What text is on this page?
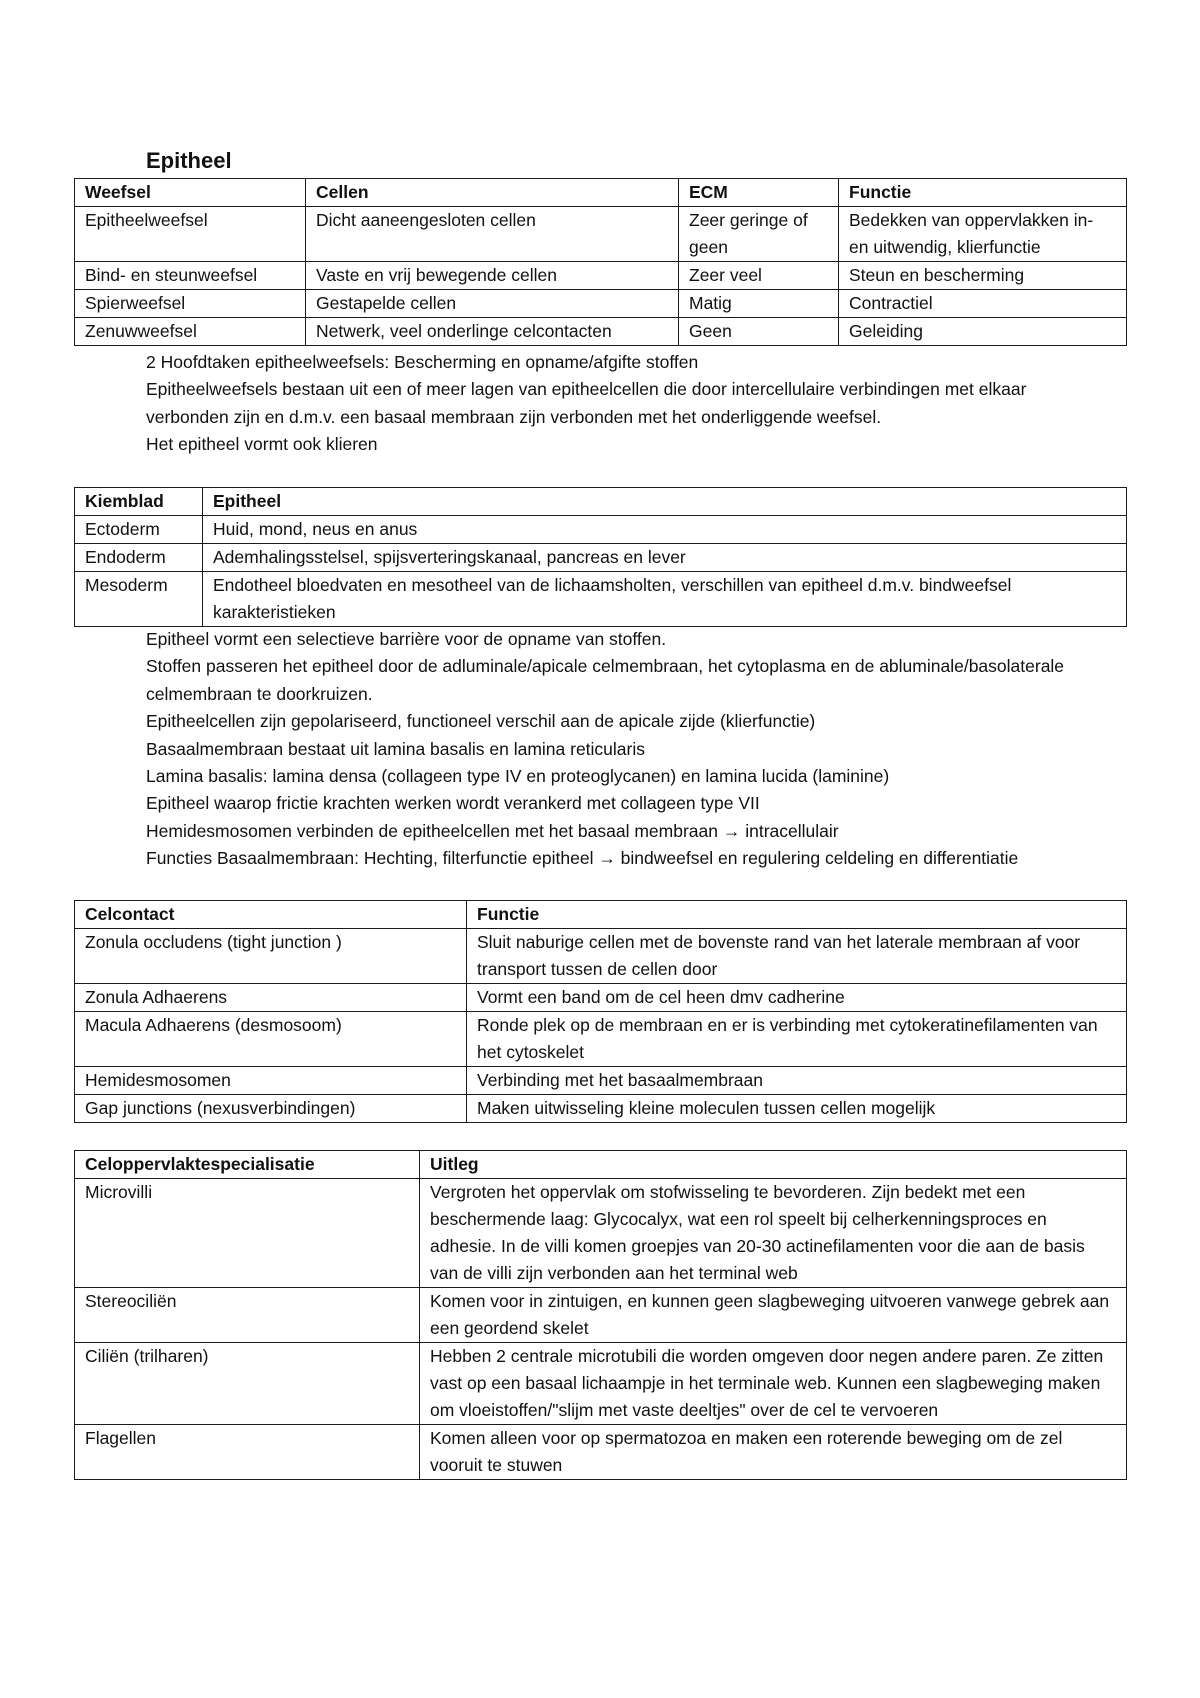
Epitheel
Weefsel	Cellen	ECM	Functie
Epitheelweefsel	Dicht aaneengesloten cellen	Zeer geringe of geen	Bedekken van oppervlakken in- en uitwendig, klierfunctie
Bind- en steunweefsel	Vaste en vrij bewegende cellen	Zeer veel	Steun en bescherming
Spierweefsel	Gestapelde cellen	Matig	Contractiel
Zenuwweefsel	Netwerk, veel onderlinge celcontacten	Geen	Geleiding
2 Hoofdtaken epitheelweefsels: Bescherming en opname/afgifte stoffen
Epitheelweefsels bestaan uit een of meer lagen van epitheelcellen die door intercellulaire verbindingen met elkaar verbonden zijn en d.m.v. een basaal membraan zijn verbonden met het onderliggende weefsel.
Het epitheel vormt ook klieren
Kiemblad	Epitheel
Ectoderm	Huid, mond, neus en anus
Endoderm	Ademhalingsstelsel, spijsverteringskanaal, pancreas en lever
Mesoderm	Endotheel bloedvaten en mesotheel van de lichaamsholten, verschillen van epitheel d.m.v. bindweefsel karakteristieken
Epitheel vormt een selectieve barrière voor de opname van stoffen.
Stoffen passeren het epitheel door de adluminale/apicale celmembraan, het cytoplasma en de abluminale/basolaterale celmembraan te doorkruizen.
Epitheelcellen zijn gepolariseerd, functioneel verschil aan de apicale zijde (klierfunctie)
Basaalmembraan bestaat uit lamina basalis en lamina reticularis
Lamina basalis: lamina densa (collageen type IV en proteoglycanen) en lamina lucida (laminine)
Epitheel waarop frictie krachten werken wordt verankerd met collageen type VII
Hemidesmosomen verbinden de epitheelcellen met het basaal membraan → intracellulair
Functies Basaalmembraan: Hechting, filterfunctie epitheel → bindweefsel en regulering celdeling en differentiatie
Celcontact	Functie
Zonula occludens (tight junction )	Sluit naburige cellen met de bovenste rand van het laterale membraan af voor transport tussen de cellen door
Zonula Adhaerens	Vormt een band om de cel heen dmv cadherine
Macula Adhaerens (desmosoom)	Ronde plek op de membraan en er is verbinding met cytokeratinefilamenten van het cytoskelet
Hemidesmosomen	Verbinding met het basaalmembraan
Gap junctions (nexusverbindingen)	Maken uitwisseling kleine moleculen tussen cellen mogelijk
Celoppervlaktespecialisatie	Uitleg
Microvilli	Vergroten het oppervlak om stofwisseling te bevorderen. Zijn bedekt met een beschermende laag: Glycocalyx, wat een rol speelt bij celherkenningsproces en adhesie. In de villi komen groepjes van 20-30 actinefilamenten voor die aan de basis van de villi zijn verbonden aan het terminal web
Stereociliën	Komen voor in zintuigen, en kunnen geen slagbeweging uitvoeren vanwege gebrek aan een geordend skelet
Ciliën (trilharen)	Hebben 2 centrale microtubili die worden omgeven door negen andere paren. Ze zitten vast op een basaal lichaampje in het terminale web. Kunnen een slagbeweging maken om vloeistoffen/"slijm met vaste deeltjes" over de cel te vervoeren
Flagellen	Komen alleen voor op spermatozoa en maken een roterende beweging om de zel vooruit te stuwen
